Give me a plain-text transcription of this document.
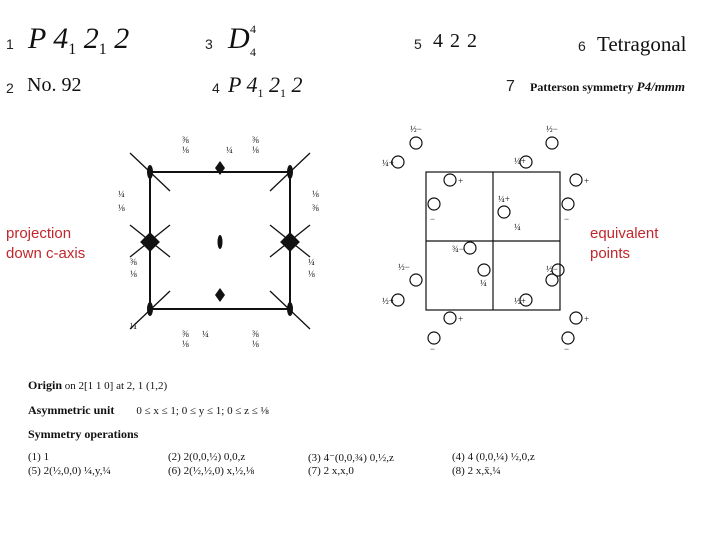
1 P $4_1$ $2_1$ 2	3 D 4
4	5 4 2 2	6 Tetragonal
2 No. 92	4 P $4_1$ $2_1$ 2	7 Patterson symmetry P4/mmm
projection
down c-axis
equivalent
points
⅜
⅛	¼
⅜
⅛
¼
⅛
⅛
⅜
⅜
⅛
¼
⅛
¼
⅜
⅛
¼	⅜
⅛
½−	½−
¼+	¼+
+	+
−	−
¼+
¼
¾−
¼
½−	½−
½+	½+
+	+
−	−
Origin on 2[1 1 0] at 2, 1 (1,2)
Asymmetric unit 0 ≤ x ≤ 1; 0 ≤ y ≤ 1; 0 ≤ z ≤ ⅛
Symmetry operations
(1) 1	(2) 2(0,0,½) 0,0,z	(3) 4⁻(0,0,¾) 0,½,z	(4) 4 (0,0,¼) ½,0,z
(5) 2(½,0,0) ¼,y,¼	(6) 2(½,½,0) x,½,⅛	(7) 2 x,x,0	(8) 2 x,x̄,¼
